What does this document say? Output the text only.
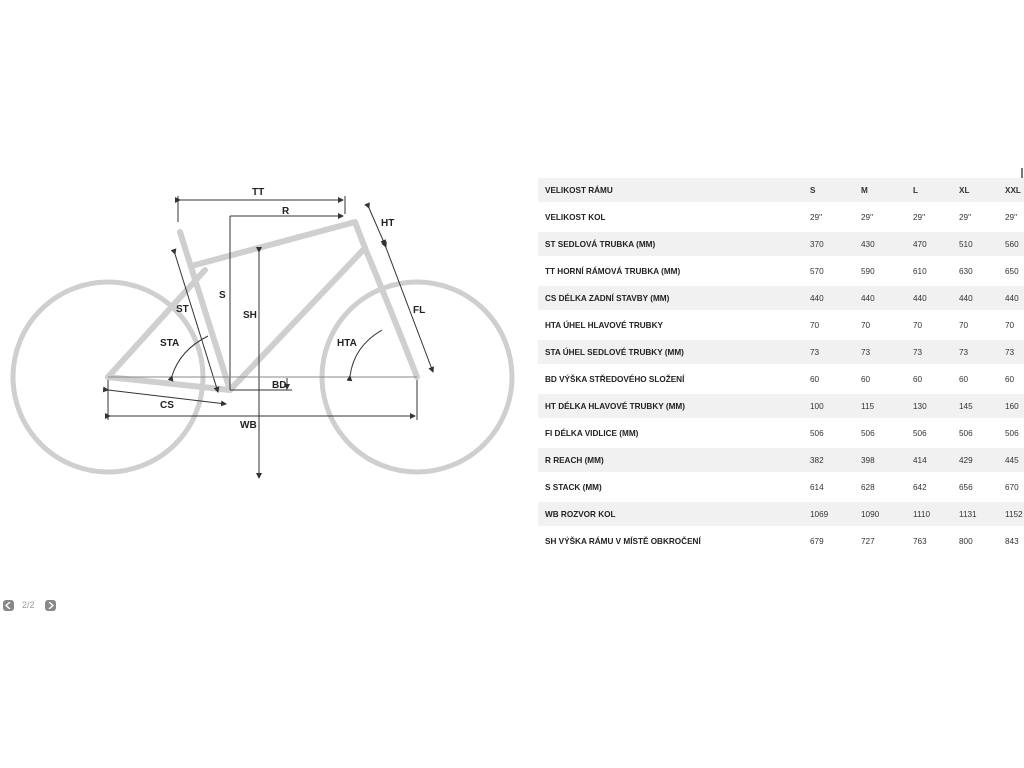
TT
R
HT
ST
S
SH	FL
STA	HTA
BD
CS
WB
VELIKOST RÁMU	S	M	L	XL	XXL
VELIKOST KOL	29"	29"	29"	29"	29"
ST SEDLOVÁ TRUBKA (MM)	370	430	470	510	560
TT HORNÍ RÁMOVÁ TRUBKA (MM)	570	590	610	630	650
CS DÉLKA ZADNÍ STAVBY (MM)	440	440	440	440	440
HTA ÚHEL HLAVOVÉ TRUBKY	70	70	70	70	70
STA ÚHEL SEDLOVÉ TRUBKY (MM)	73	73	73	73	73
BD VÝŠKA STŘEDOVÉHO SLOŽENÍ	60	60	60	60	60
HT DÉLKA HLAVOVÉ TRUBKY (MM)	100	115	130	145	160
FI DÉLKA VIDLICE (MM)	506	506	506	506	506
R REACH (MM)	382	398	414	429	445
S STACK (MM)	614	628	642	656	670
WB ROZVOR KOL	1069	1090	1110	1131	1152
SH VÝŠKA RÁMU V MÍSTĚ OBKROČENÍ	679	727	763	800	843
2/2
